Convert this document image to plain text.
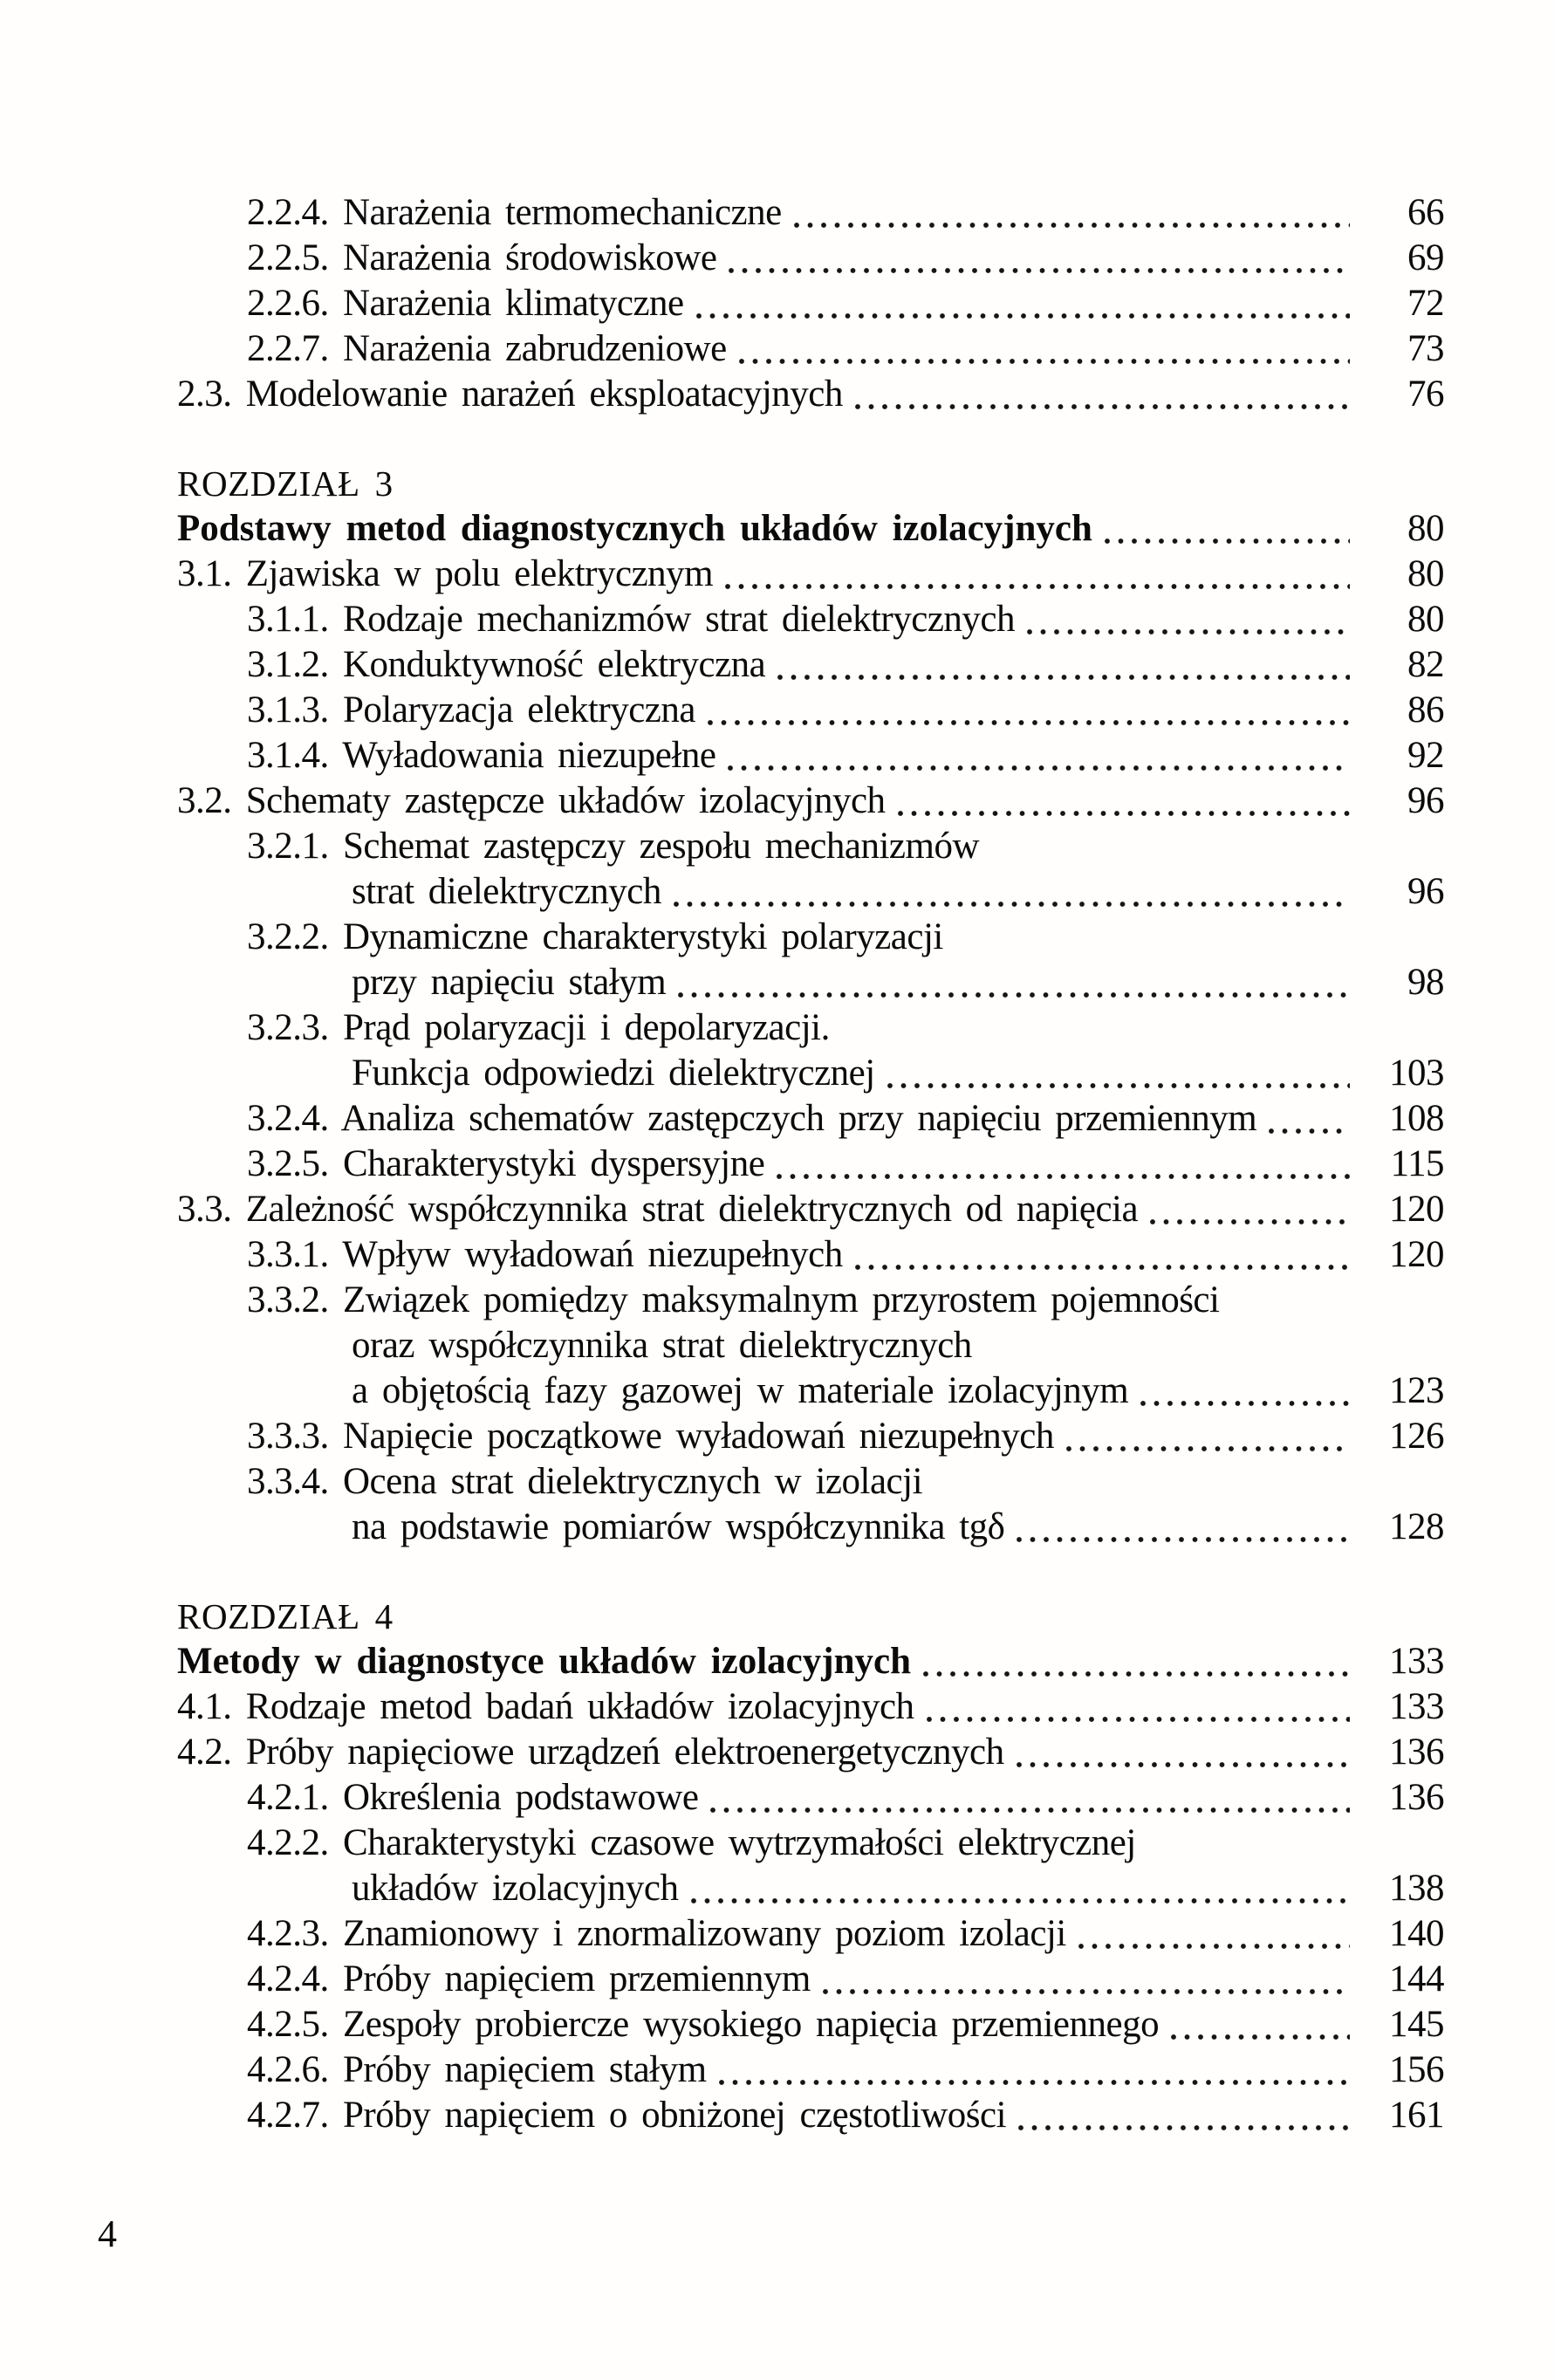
2.2.4. Narażenia termomechaniczne	66
2.2.5. Narażenia środowiskowe	69
2.2.6. Narażenia klimatyczne	72
2.2.7. Narażenia zabrudzeniowe	73
2.3. Modelowanie narażeń eksploatacyjnych	76
ROZDZIAŁ 3
Podstawy metod diagnostycznych układów izolacyjnych	80
3.1. Zjawiska w polu elektrycznym	80
3.1.1. Rodzaje mechanizmów strat dielektrycznych	80
3.1.2. Konduktywność elektryczna	82
3.1.3. Polaryzacja elektryczna	86
3.1.4. Wyładowania niezupełne	92
3.2. Schematy zastępcze układów izolacyjnych	96
3.2.1. Schemat zastępczy zespołu mechanizmów
strat dielektrycznych	96
3.2.2. Dynamiczne charakterystyki polaryzacji
przy napięciu stałym	98
3.2.3. Prąd polaryzacji i depolaryzacji.
Funkcja odpowiedzi dielektrycznej	103
3.2.4. Analiza schematów zastępczych przy napięciu przemiennym	108
3.2.5. Charakterystyki dyspersyjne	115
3.3. Zależność współczynnika strat dielektrycznych od napięcia	120
3.3.1. Wpływ wyładowań niezupełnych	120
3.3.2. Związek pomiędzy maksymalnym przyrostem pojemności
oraz współczynnika strat dielektrycznych
a objętością fazy gazowej w materiale izolacyjnym	123
3.3.3. Napięcie początkowe wyładowań niezupełnych	126
3.3.4. Ocena strat dielektrycznych w izolacji
na podstawie pomiarów współczynnika tgδ	128
ROZDZIAŁ 4
Metody w diagnostyce układów izolacyjnych	133
4.1. Rodzaje metod badań układów izolacyjnych	133
4.2. Próby napięciowe urządzeń elektroenergetycznych	136
4.2.1. Określenia podstawowe	136
4.2.2. Charakterystyki czasowe wytrzymałości elektrycznej
układów izolacyjnych	138
4.2.3. Znamionowy i znormalizowany poziom izolacji	140
4.2.4. Próby napięciem przemiennym	144
4.2.5. Zespoły probiercze wysokiego napięcia przemiennego	145
4.2.6. Próby napięciem stałym	156
4.2.7. Próby napięciem o obniżonej częstotliwości	161
4
